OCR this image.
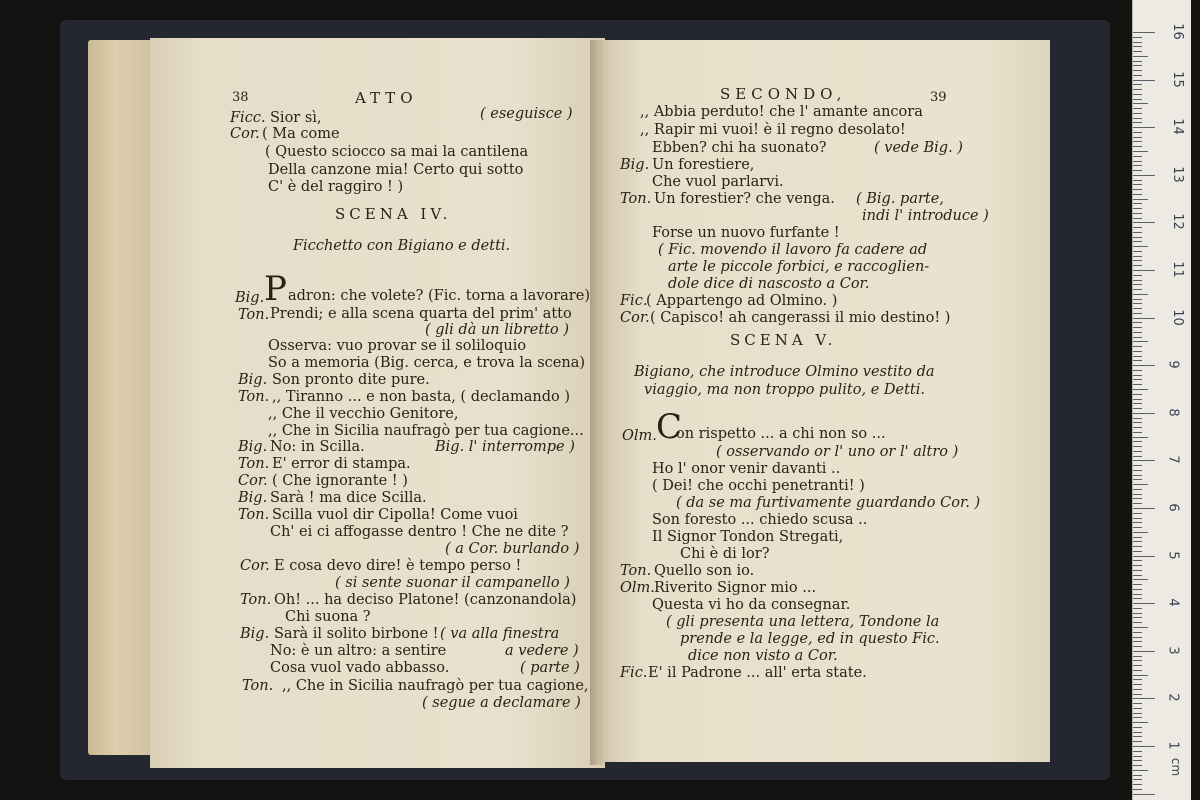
38	ATTO
Ficc. Sior sì,	( eseguisce )
Cor. ( Ma come
( Questo sciocco sa mai la cantilena
Della canzone mia! Certo qui sotto
C' è del raggiro ! )
SCENA IV.
Ficchetto con Bigiano e detti.
Big. P adron: che volete? (Fic. torna a lavorare)
Ton. Prendi; e alla scena quarta del prim' atto
( gli dà un libretto )
Osserva: vuo provar se il soliloquio
So a memoria (Big. cerca, e trova la scena)
Big. Son pronto dite pure.
Ton. ,, Tiranno ... e non basta, ( declamando )
,, Che il vecchio Genitore,
,, Che in Sicilia naufragò per tua cagione...
Big. No: in Scilla.	Big. l' interrompe )
Ton. E' error di stampa.
Cor. ( Che ignorante ! )
Big. Sarà ! ma dice Scilla.
Ton. Scilla vuol dir Cipolla! Come vuoi
Ch' ei ci affogasse dentro ! Che ne dite ?
( a Cor. burlando )
Cor. E cosa devo dire! è tempo perso !
( si sente suonar il campanello )
Ton. Oh! ... ha deciso Platone! (canzonandola)
Chi suona ?
Big. Sarà il solito birbone ! ( va alla finestra
No: è un altro: a sentire	a vedere )
Cosa vuol vado abbasso.	( parte )
Ton. ,, Che in Sicilia naufragò per tua cagione,
( segue a declamare )
SECONDO,	39
,, Abbia perduto! che l' amante ancora
,, Rapir mi vuoi! è il regno desolato!
Ebben? chi ha suonato?	( vede Big. )
Big. Un forestiere,
Che vuol parlarvi.
Ton. Un forestier? che venga. ( Big. parte,
indi l' introduce )
Forse un nuovo furfante !
( Fic. movendo il lavoro fa cadere ad
arte le piccole forbici, e raccoglien-
dole dice di nascosto a Cor.
Fic.
( Appartengo ad Olmino. )
Cor. ( Capisco! ah cangerassi il mio destino! )
SCENA V.
Bigiano, che introduce Olmino vestito da
viaggio, ma non troppo pulito, e Detti.
Olm. C
on rispetto ... a chi non so ...
( osservando or l' uno or l' altro )
Ho l' onor venir davanti ..
( Dei! che occhi penetranti! )
( da se ma furtivamente guardando Cor. )
Son foresto ... chiedo scusa ..
Il Signor Tondon Stregati,
Chi è di lor?
Ton. Quello son io.
Olm. Riverito Signor mio ...
Questa vi ho da consegnar.
( gli presenta una lettera, Tondone la
prende e la legge, ed in questo Fic.
dice non visto a Cor.
Fic. E' il Padrone ... all' erta state.
cm
16
15
14
13
12
11
10
9
8
7
6
5
4
3
2
1
